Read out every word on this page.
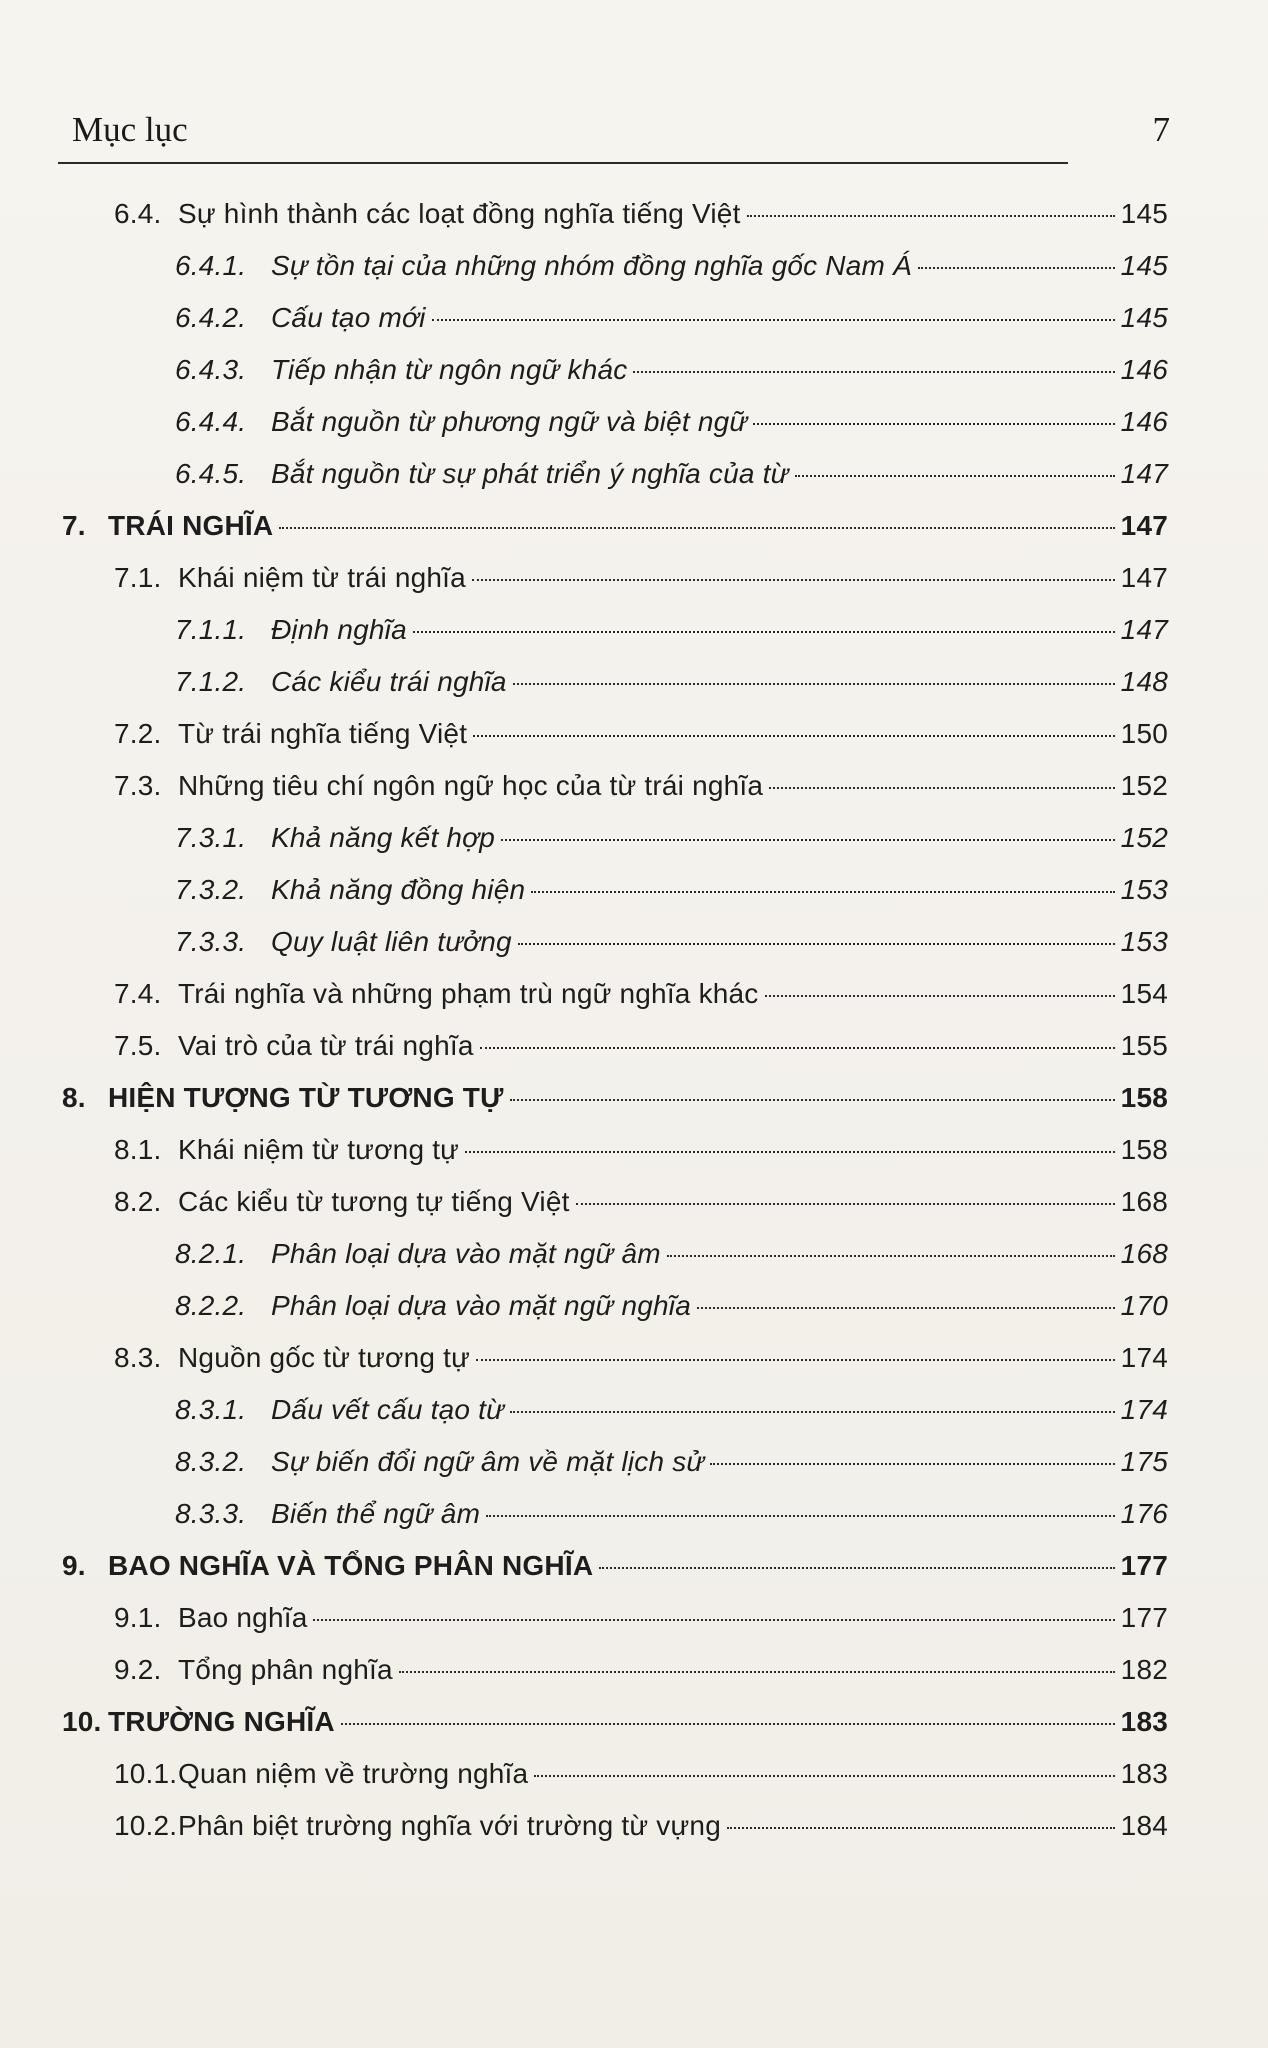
Mục lục	7
6.4. Sự hình thành các loạt đồng nghĩa tiếng Việt	145
6.4.1. Sự tồn tại của những nhóm đồng nghĩa gốc Nam Á	145
6.4.2. Cấu tạo mới	145
6.4.3. Tiếp nhận từ ngôn ngữ khác	146
6.4.4. Bắt nguồn từ phương ngữ và biệt ngữ	146
6.4.5. Bắt nguồn từ sự phát triển ý nghĩa của từ	147
7. TRÁI NGHĨA	147
7.1. Khái niệm từ trái nghĩa	147
7.1.1. Định nghĩa	147
7.1.2. Các kiểu trái nghĩa	148
7.2. Từ trái nghĩa tiếng Việt	150
7.3. Những tiêu chí ngôn ngữ học của từ trái nghĩa	152
7.3.1. Khả năng kết hợp	152
7.3.2. Khả năng đồng hiện	153
7.3.3. Quy luật liên tưởng	153
7.4. Trái nghĩa và những phạm trù ngữ nghĩa khác	154
7.5. Vai trò của từ trái nghĩa	155
8. HIỆN TƯỢNG TỪ TƯƠNG TỰ	158
8.1. Khái niệm từ tương tự	158
8.2. Các kiểu từ tương tự tiếng Việt	168
8.2.1. Phân loại dựa vào mặt ngữ âm	168
8.2.2. Phân loại dựa vào mặt ngữ nghĩa	170
8.3. Nguồn gốc từ tương tự	174
8.3.1. Dấu vết cấu tạo từ	174
8.3.2. Sự biến đổi ngữ âm về mặt lịch sử	175
8.3.3. Biến thể ngữ âm	176
9. BAO NGHĨA VÀ TỔNG PHÂN NGHĨA	177
9.1. Bao nghĩa	177
9.2. Tổng phân nghĩa	182
10. TRƯỜNG NGHĨA	183
10.1. Quan niệm về trường nghĩa	183
10.2. Phân biệt trường nghĩa với trường từ vựng	184
